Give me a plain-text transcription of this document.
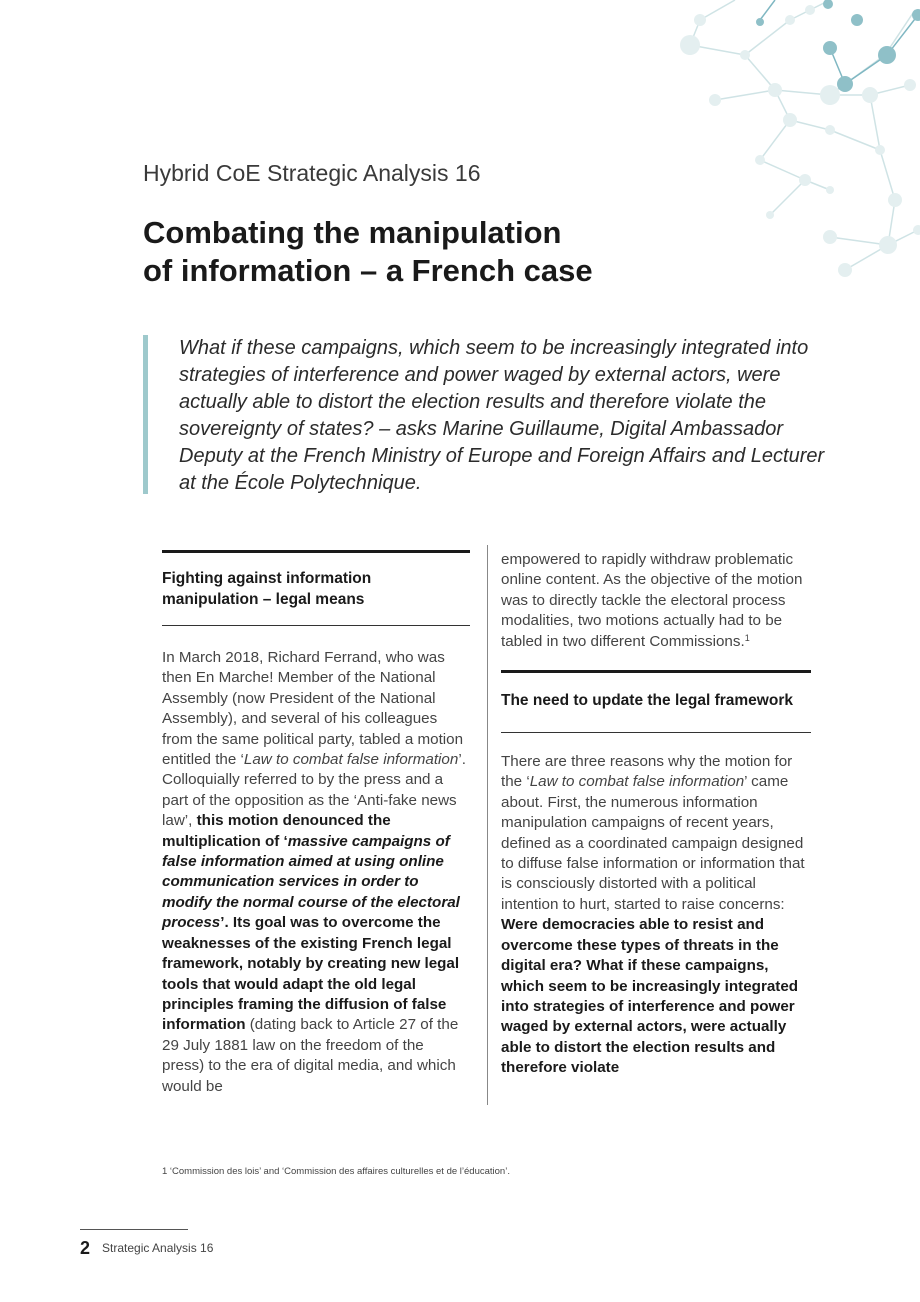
Hybrid CoE Strategic Analysis 16
Combating the manipulation
of information – a French case
What if these campaigns, which seem to be increasingly integrated into strategies of interference and power waged by external actors, were actually able to distort the election results and therefore violate the sovereignty of states? – asks Marine Guillaume, Digital Ambassador Deputy at the French Ministry of Europe and Foreign Affairs and Lecturer at the École Polytechnique.
Fighting against information manipulation – legal means

In March 2018, Richard Ferrand, who was then En Marche! Member of the National Assembly (now President of the National Assembly), and several of his colleagues from the same political party, tabled a motion entitled the ‘Law to combat false information’. Colloquially referred to by the press and a part of the opposition as the ‘Anti-fake news law’, this motion denounced the multiplication of ‘massive campaigns of false information aimed at using online communication services in order to modify the normal course of the electoral process’. Its goal was to overcome the weaknesses of the existing French legal framework, notably by creating new legal tools that would adapt the old legal principles framing the diffusion of false information (dating back to Article 27 of the 29 July 1881 law on the freedom of the press) to the era of digital media, and which would be

empowered to rapidly withdraw problematic online content. As the objective of the motion was to directly tackle the electoral process modalities, two motions actually had to be tabled in two different Commissions.$^1$

The need to update the legal framework

There are three reasons why the motion for the ‘Law to combat false information’ came about. First, the numerous information manipulation campaigns of recent years, defined as a coordinated campaign designed to diffuse false information or information that is consciously distorted with a political intention to hurt, started to raise concerns: Were democracies able to resist and overcome these types of threats in the digital era? What if these campaigns, which seem to be increasingly integrated into strategies of interference and power waged by external actors, were actually able to distort the election results and therefore violate

1 ‘Commission des lois’ and ‘Commission des affaires culturelles et de l’éducation’.
2 Strategic Analysis 16
